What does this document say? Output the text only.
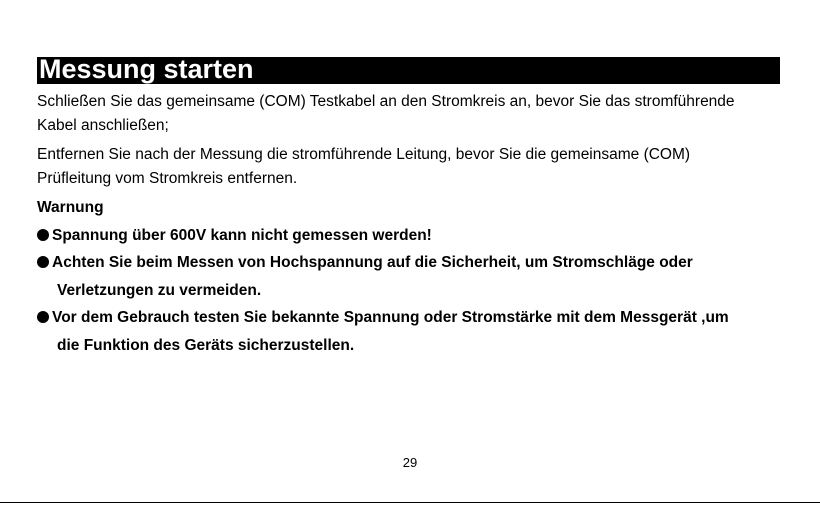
Messung starten
Schließen Sie das gemeinsame (COM) Testkabel an den Stromkreis an, bevor Sie das stromführende
Kabel anschließen;
Entfernen Sie nach der Messung die stromführende Leitung, bevor Sie die gemeinsame (COM)
Prüfleitung vom Stromkreis entfernen.
Warnung
Spannung über 600V kann nicht gemessen werden!
Achten Sie beim Messen von Hochspannung auf die Sicherheit, um Stromschläge oder
Verletzungen zu vermeiden.
Vor dem Gebrauch testen Sie bekannte Spannung oder Stromstärke mit dem Messgerät ,um
die Funktion des Geräts sicherzustellen.
29
